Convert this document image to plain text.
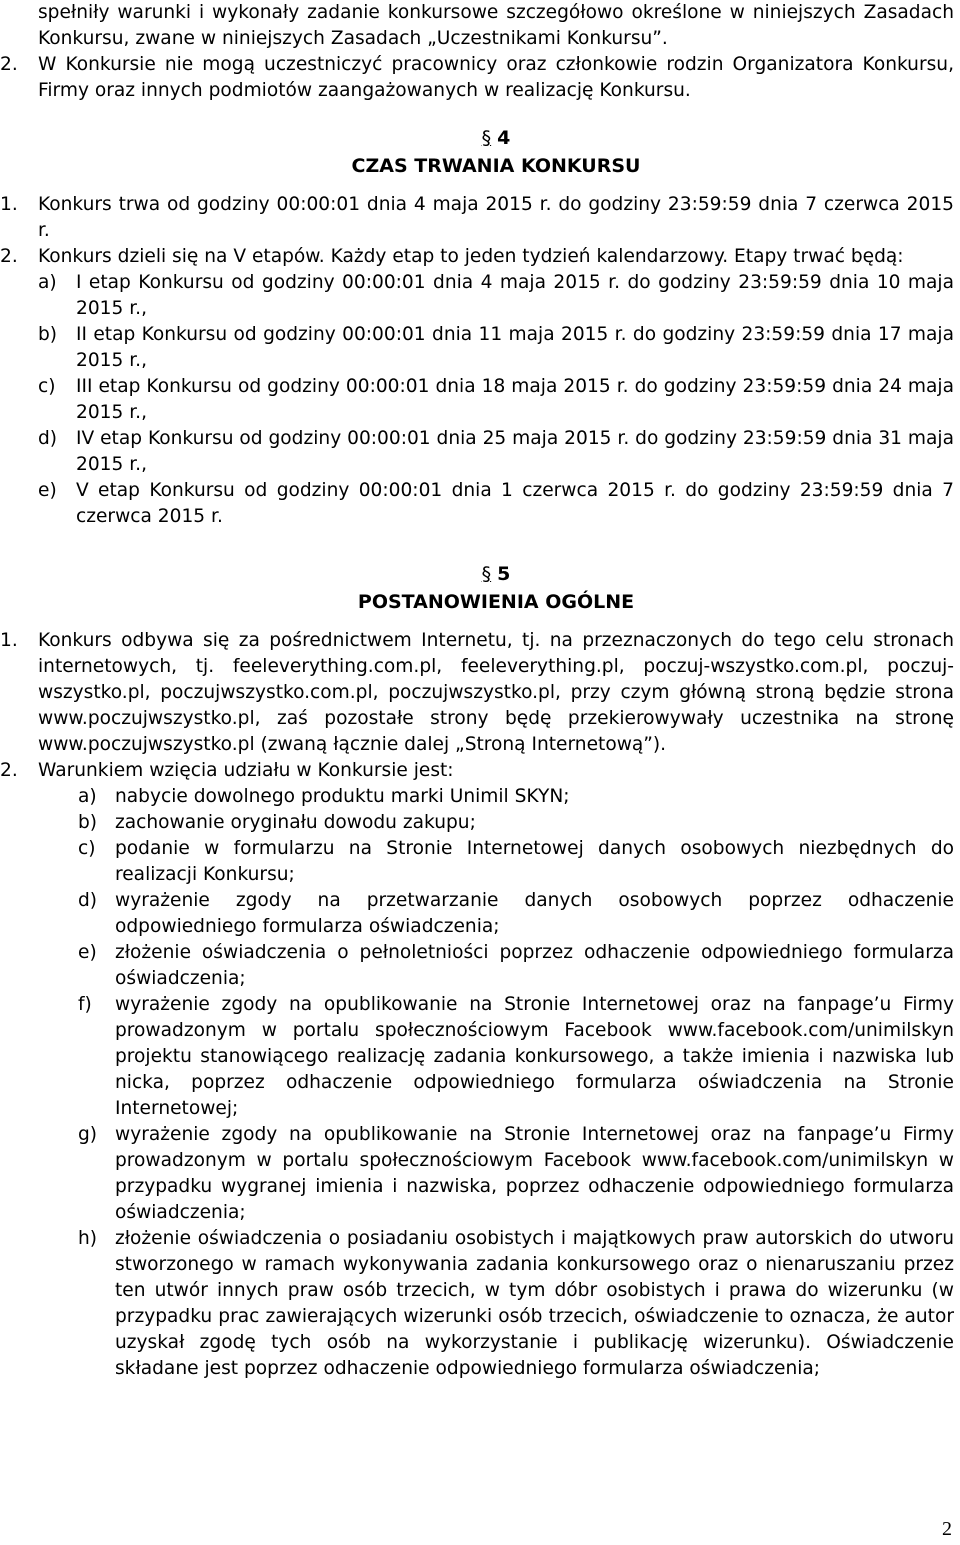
spełniły warunki i wykonały zadanie konkursowe szczegółowo określone w niniejszych Zasadach Konkursu, zwane w niniejszych Zasadach „Uczestnikami Konkursu”.
2. W Konkursie nie mogą uczestniczyć pracownicy oraz członkowie rodzin Organizatora Konkursu, Firmy oraz innych podmiotów zaangażowanych w realizację Konkursu.
§ 4
CZAS TRWANIA KONKURSU
1. Konkurs trwa od godziny 00:00:01 dnia 4 maja 2015 r. do godziny 23:59:59 dnia 7 czerwca 2015 r.
2. Konkurs dzieli się na V etapów. Każdy etap to jeden tydzień kalendarzowy. Etapy trwać będą:
a) I etap Konkursu od godziny 00:00:01 dnia 4 maja 2015 r. do godziny 23:59:59 dnia 10 maja 2015 r.,
b) II etap Konkursu od godziny 00:00:01 dnia 11 maja 2015 r. do godziny 23:59:59 dnia 17 maja 2015 r.,
c) III etap Konkursu od godziny 00:00:01 dnia 18 maja 2015 r. do godziny 23:59:59 dnia 24 maja 2015 r.,
d) IV etap Konkursu od godziny 00:00:01 dnia 25 maja 2015 r. do godziny 23:59:59 dnia 31 maja 2015 r.,
e) V etap Konkursu od godziny 00:00:01 dnia 1 czerwca 2015 r. do godziny 23:59:59 dnia 7 czerwca 2015 r.
§ 5
POSTANOWIENIA OGÓLNE
1. Konkurs odbywa się za pośrednictwem Internetu, tj. na przeznaczonych do tego celu stronach internetowych, tj. feeleverything.com.pl, feeleverything.pl, poczuj-wszystko.com.pl, poczuj-wszystko.pl, poczujwszystko.com.pl, poczujwszystko.pl, przy czym główną stroną będzie strona www.poczujwszystko.pl, zaś pozostałe strony będę przekierowywały uczestnika na stronę www.poczujwszystko.pl (zwaną łącznie dalej „Stroną Internetową”).
2. Warunkiem wzięcia udziału w Konkursie jest:
a) nabycie dowolnego produktu marki Unimil SKYN;
b) zachowanie oryginału dowodu zakupu;
c) podanie w formularzu na Stronie Internetowej danych osobowych niezbędnych do realizacji Konkursu;
d) wyrażenie zgody na przetwarzanie danych osobowych poprzez odhaczenie odpowiedniego formularza oświadczenia;
e) złożenie oświadczenia o pełnoletniości poprzez odhaczenie odpowiedniego formularza oświadczenia;
f) wyrażenie zgody na opublikowanie na Stronie Internetowej oraz na fanpage’u Firmy prowadzonym w portalu społecznościowym Facebook www.facebook.com/unimilskyn projektu stanowiącego realizację zadania konkursowego, a także imienia i nazwiska lub nicka, poprzez odhaczenie odpowiedniego formularza oświadczenia na Stronie Internetowej;
g) wyrażenie zgody na opublikowanie na Stronie Internetowej oraz na fanpage’u Firmy prowadzonym w portalu społecznościowym Facebook www.facebook.com/unimilskyn w przypadku wygranej imienia i nazwiska, poprzez odhaczenie odpowiedniego formularza oświadczenia;
h) złożenie oświadczenia o posiadaniu osobistych i majątkowych praw autorskich do utworu stworzonego w ramach wykonywania zadania konkursowego oraz o nienaruszaniu przez ten utwór innych praw osób trzecich, w tym dóbr osobistych i prawa do wizerunku (w przypadku prac zawierających wizerunki osób trzecich, oświadczenie to oznacza, że autor uzyskał zgodę tych osób na wykorzystanie i publikację wizerunku). Oświadczenie składane jest poprzez odhaczenie odpowiedniego formularza oświadczenia;
2
